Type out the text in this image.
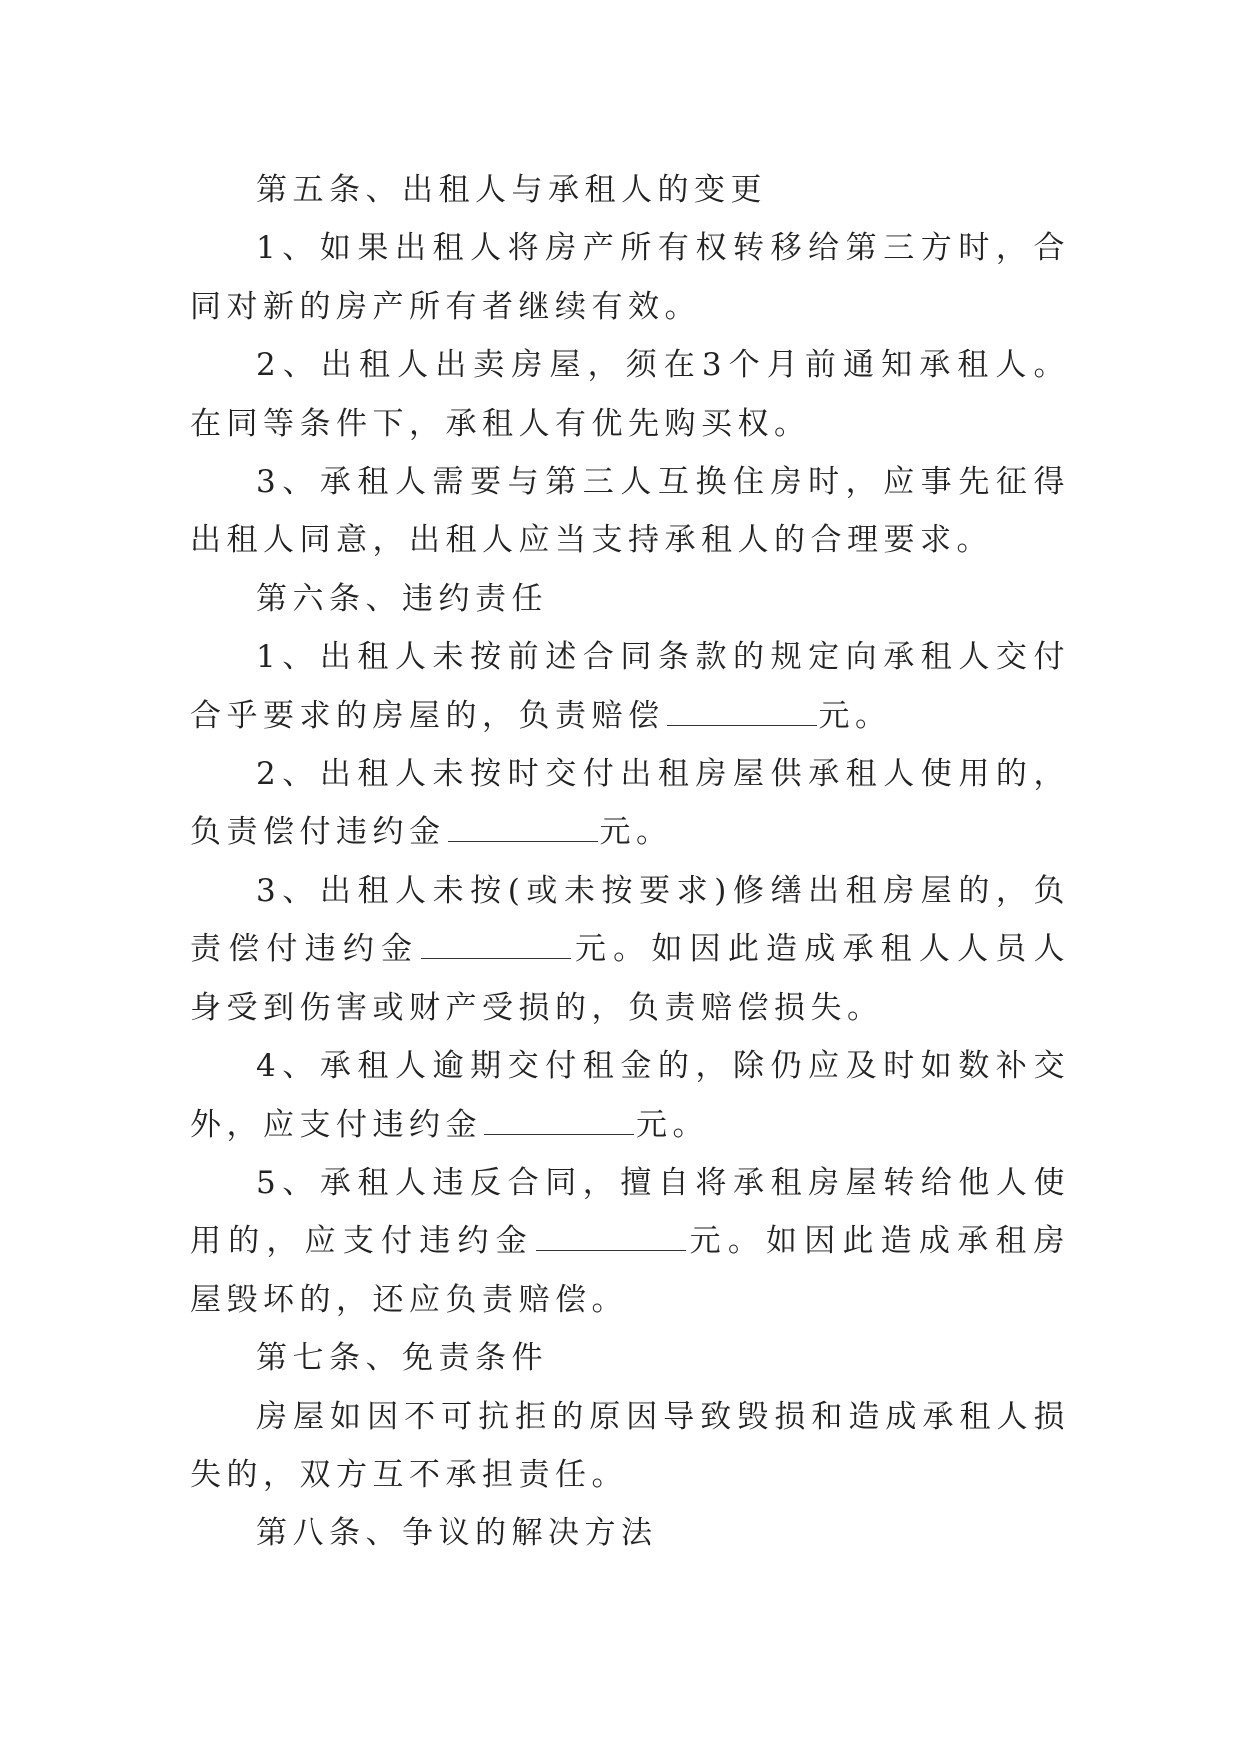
第五条、出租人与承租人的变更

1、如果出租人将房产所有权转移给第三方时，合同对新的房产所有者继续有效。

2、出租人出卖房屋，须在3个月前通知承租人。在同等条件下，承租人有优先购买权。

3、承租人需要与第三人互换住房时，应事先征得出租人同意，出租人应当支持承租人的合理要求。

第六条、违约责任

1、出租人未按前述合同条款的规定向承租人交付合乎要求的房屋的，负责赔偿	元。

2、出租人未按时交付出租房屋供承租人使用的，负责偿付违约金	元。

3、出租人未按(或未按要求)修缮出租房屋的，负责偿付违约金	元。如因此造成承租人人员人身受到伤害或财产受损的，负责赔偿损失。

4、承租人逾期交付租金的，除仍应及时如数补交外，应支付违约金	元。

5、承租人违反合同，擅自将承租房屋转给他人使用的，应支付违约金	元。如因此造成承租房屋毁坏的，还应负责赔偿。

第七条、免责条件

房屋如因不可抗拒的原因导致毁损和造成承租人损失的，双方互不承担责任。

第八条、争议的解决方法
